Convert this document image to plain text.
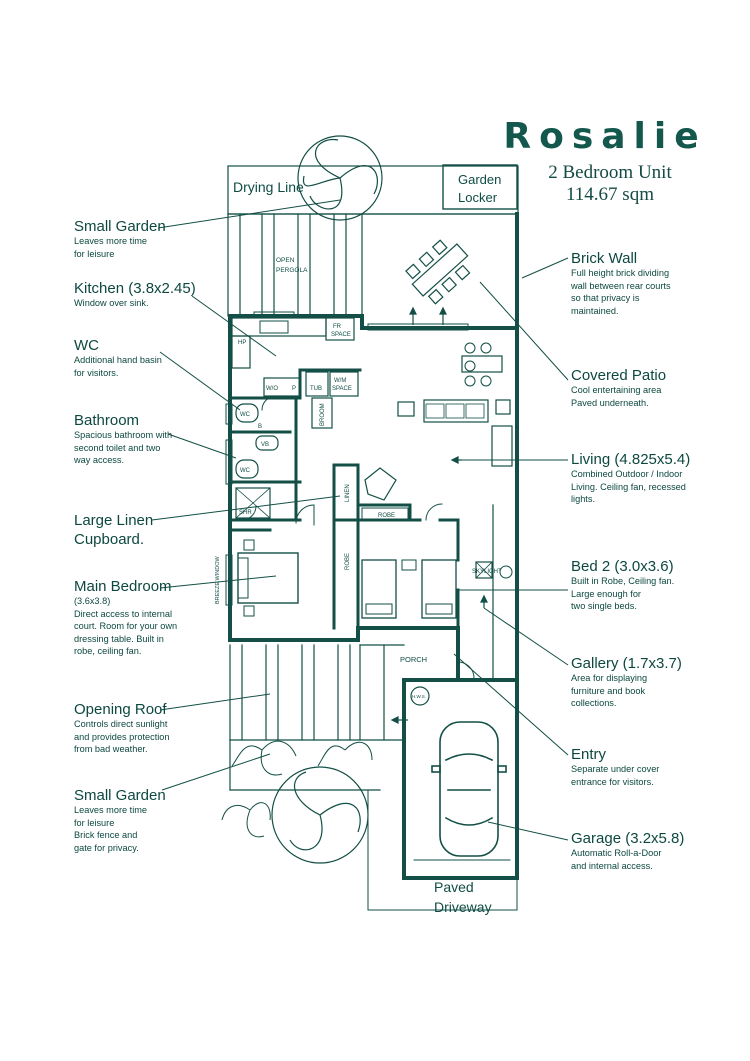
Drying Line	Garden
Locker
OPEN
PERGOLA
FR
SPACE
HP
W/O P TUB
W/M
SPACE
BROOM
LINEN
ROBE
ROBE
SHR
WC
WC
VB
B
BREEZE WINDOW	SKYLIGHT
PORCH
H.W.S.
Paved
Driveway
Rosalie
2 Bedroom Unit
114.67 sqm
Small Garden
Leaves more time
for leisure
Kitchen (3.8x2.45)
Window over sink.
WC
Additional hand basin
for visitors.
Bathroom
Spacious bathroom with
second toilet and two
way access.
Large Linen
Cupboard.
Main Bedroom
(3.6x3.8)
Direct access to internal
court. Room for your own
dressing table. Built in
robe, ceiling fan.
Opening Roof
Controls direct sunlight
and provides protection
from bad weather.
Small Garden
Leaves more time
for leisure
Brick fence and
gate for privacy.
Brick Wall
Full height brick dividing
wall between rear courts
so that privacy is
maintained.
Covered Patio
Cool entertaining area
Paved underneath.
Living (4.825x5.4)
Combined Outdoor / Indoor
Living. Ceiling fan, recessed
lights.
Bed 2 (3.0x3.6)
Built in Robe, Ceiling fan.
Large enough for
two single beds.
Gallery (1.7x3.7)
Area for displaying
furniture and book
collections.
Entry
Separate under cover
entrance for visitors.
Garage (3.2x5.8)
Automatic Roll-a-Door
and internal access.
